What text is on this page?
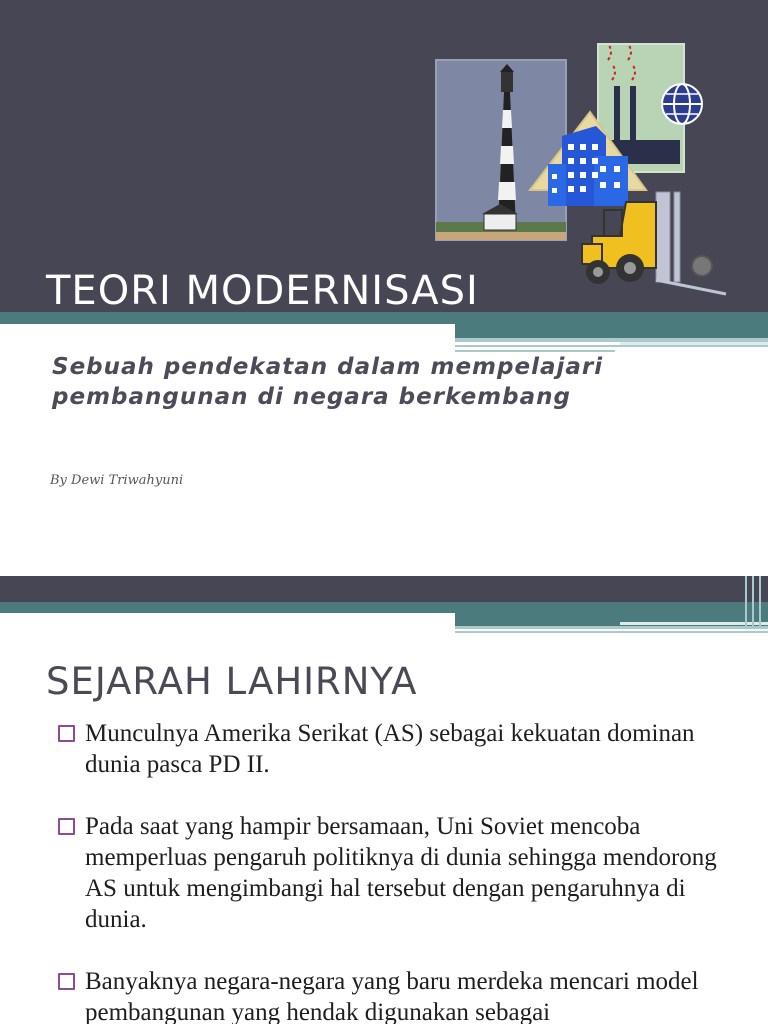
TEORI MODERNISASI

Sebuah pendekatan dalam mempelajari pembangunan di negara berkembang

By Dewi Triwahyuni

SEJARAH LAHIRNYA
Munculnya Amerika Serikat (AS) sebagai kekuatan dominan dunia pasca PD II.
Pada saat yang hampir bersamaan, Uni Soviet mencoba memperluas pengaruh politiknya di dunia sehingga mendorong AS untuk mengimbangi hal tersebut dengan pengaruhnya di dunia.
Banyaknya negara-negara yang baru merdeka mencari model pembangunan yang hendak digunakan sebagai
